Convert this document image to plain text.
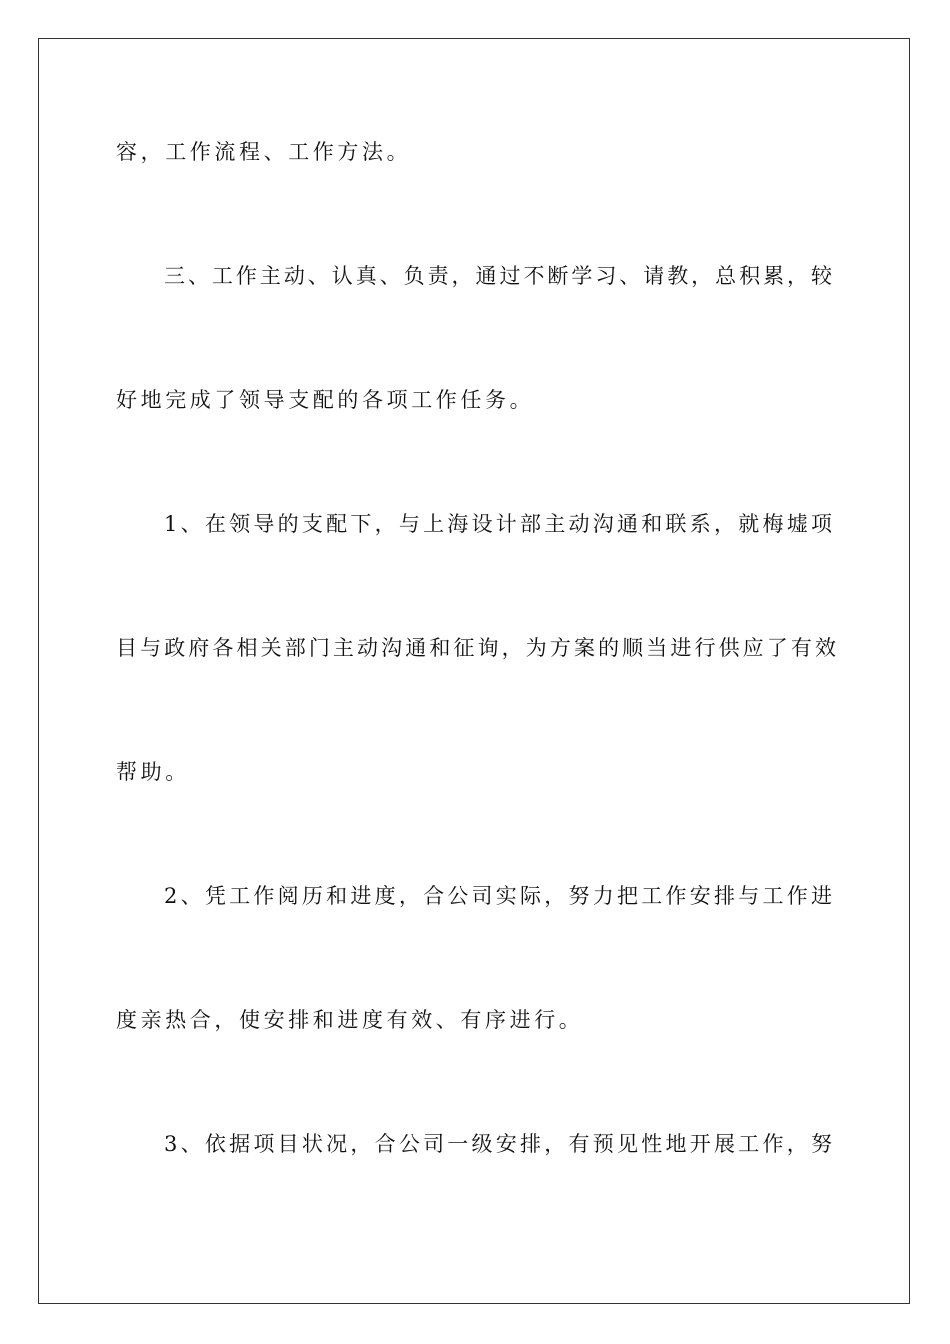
容，工作流程、工作方法。

三、工作主动、认真、负责，通过不断学习、请教，总积累，较

好地完成了领导支配的各项工作任务。

1、在领导的支配下，与上海设计部主动沟通和联系，就梅墟项

目与政府各相关部门主动沟通和征询，为方案的顺当进行供应了有效

帮助。

2、凭工作阅历和进度，合公司实际，努力把工作安排与工作进

度亲热合，使安排和进度有效、有序进行。

3、依据项目状况，合公司一级安排，有预见性地开展工作，努
